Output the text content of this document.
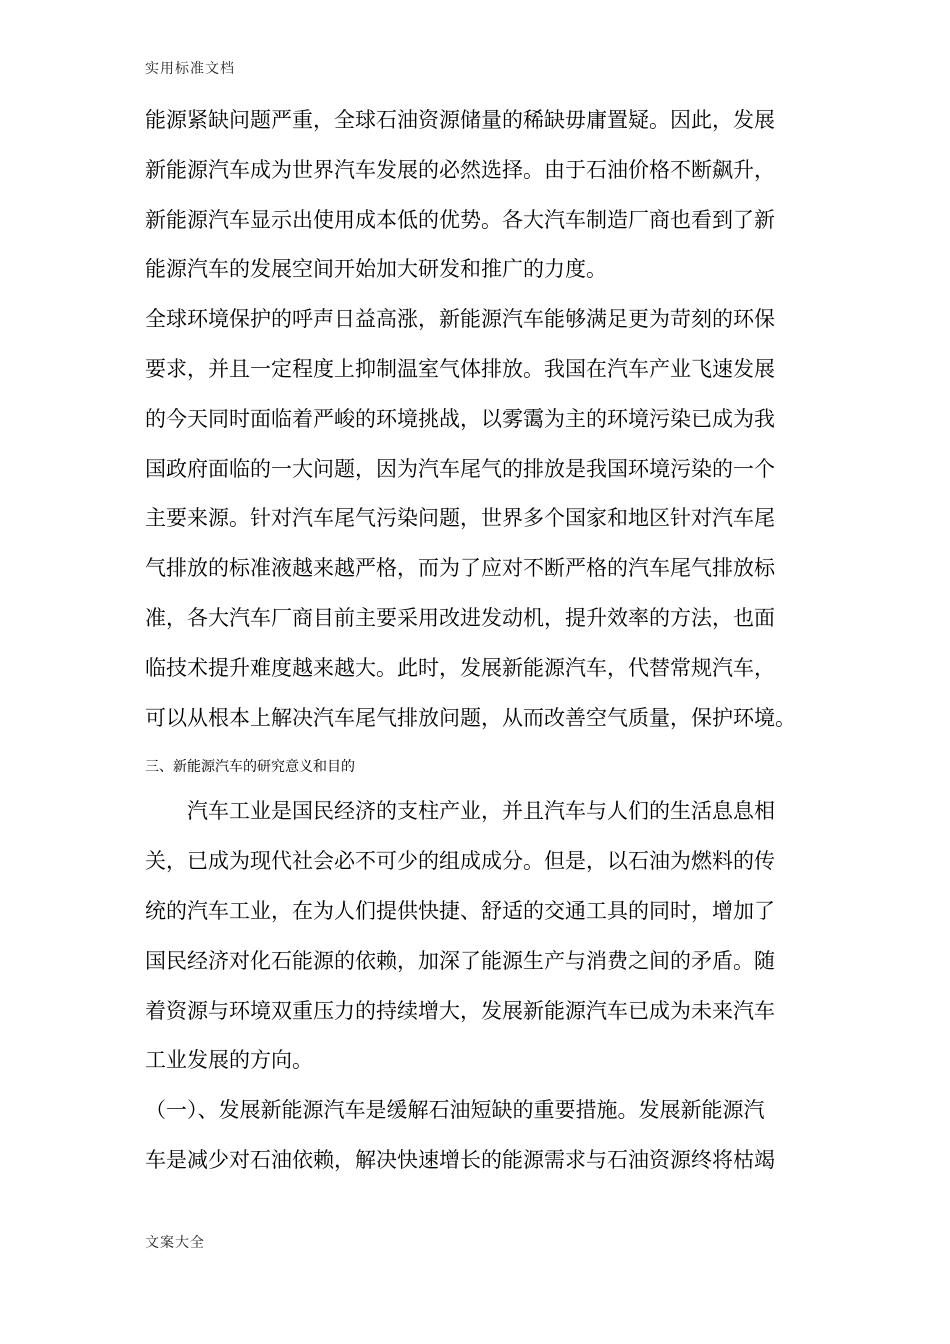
实用标准文档
能源紧缺问题严重，全球石油资源储量的稀缺毋庸置疑。因此，发展
新能源汽车成为世界汽车发展的必然选择。由于石油价格不断飙升，
新能源汽车显示出使用成本低的优势。各大汽车制造厂商也看到了新
能源汽车的发展空间开始加大研发和推广的力度。
全球环境保护的呼声日益高涨，新能源汽车能够满足更为苛刻的环保
要求，并且一定程度上抑制温室气体排放。我国在汽车产业飞速发展
的今天同时面临着严峻的环境挑战，以雾霭为主的环境污染已成为我
国政府面临的一大问题，因为汽车尾气的排放是我国环境污染的一个
主要来源。针对汽车尾气污染问题，世界多个国家和地区针对汽车尾
气排放的标准液越来越严格，而为了应对不断严格的汽车尾气排放标
准，各大汽车厂商目前主要采用改进发动机，提升效率的方法，也面
临技术提升难度越来越大。此时，发展新能源汽车，代替常规汽车，
可以从根本上解决汽车尾气排放问题，从而改善空气质量，保护环境。
三、新能源汽车的研究意义和目的
汽车工业是国民经济的支柱产业，并且汽车与人们的生活息息相
关，已成为现代社会必不可少的组成成分。但是，以石油为燃料的传
统的汽车工业，在为人们提供快捷、舒适的交通工具的同时，增加了
国民经济对化石能源的依赖，加深了能源生产与消费之间的矛盾。随
着资源与环境双重压力的持续增大，发展新能源汽车已成为未来汽车
工业发展的方向。
（一）、发展新能源汽车是缓解石油短缺的重要措施。发展新能源汽
车是减少对石油依赖，解决快速增长的能源需求与石油资源终将枯竭
文案大全
